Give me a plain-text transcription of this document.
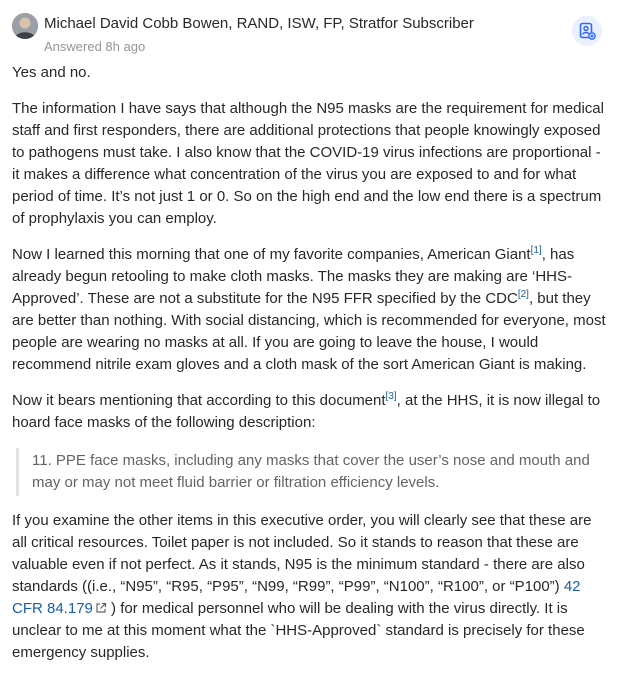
Michael David Cobb Bowen, RAND, ISW, FP, Stratfor Subscriber
Answered 8h ago

Yes and no.

The information I have says that although the N95 masks are the requirement for medical staff and first responders, there are additional protections that people knowingly exposed to pathogens must take. I also know that the COVID-19 virus infections are proportional - it makes a difference what concentration of the virus you are exposed to and for what period of time. It’s not just 1 or 0. So on the high end and the low end there is a spectrum of prophylaxis you can employ.

Now I learned this morning that one of my favorite companies, American Giant[1], has already begun retooling to make cloth masks. The masks they are making are ‘HHS-Approved’. These are not a substitute for the N95 FFR specified by the CDC[2], but they are better than nothing. With social distancing, which is recommended for everyone, most people are wearing no masks at all. If you are going to leave the house, I would recommend nitrile exam gloves and a cloth mask of the sort American Giant is making.

Now it bears mentioning that according to this document[3], at the HHS, it is now illegal to hoard face masks of the following description:

11. PPE face masks, including any masks that cover the user’s nose and mouth and may or may not meet fluid barrier or filtration efficiency levels.

If you examine the other items in this executive order, you will clearly see that these are all critical resources. Toilet paper is not included. So it stands to reason that these are valuable even if not perfect. As it stands, N95 is the minimum standard - there are also standards ((i.e., “N95”, “R95, “P95”, “N99, “R99”, “P99”, “N100”, “R100”, or “P100”) 42 CFR 84.179 ) for medical personnel who will be dealing with the virus directly. It is unclear to me at this moment what the `HHS-Approved` standard is precisely for these emergency supplies.
